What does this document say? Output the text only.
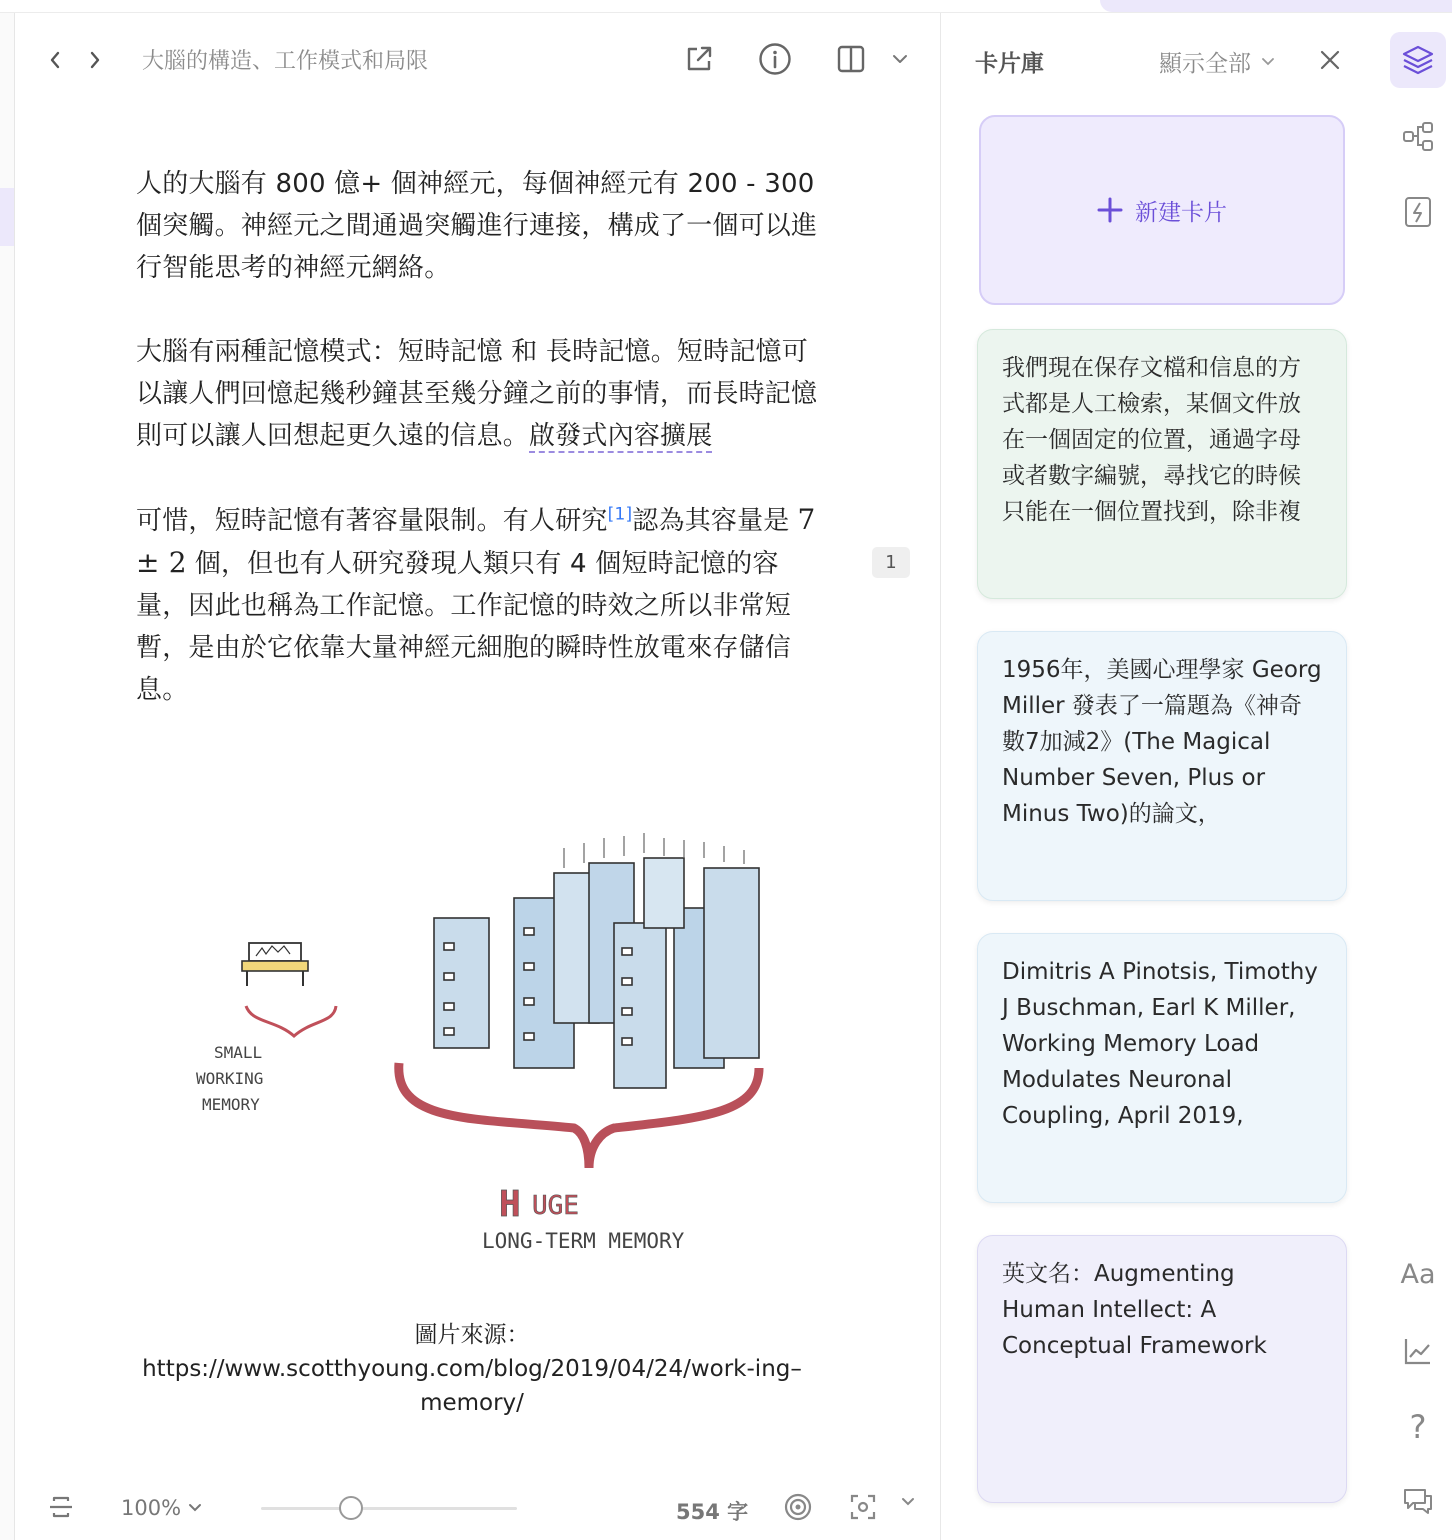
大腦的構造、工作模式和局限

人的大腦有 800 億+ 個神經元，每個神經元有 200 - 300 個突觸。神經元之間通過突觸進行連接，構成了一個可以進行智能思考的神經元網絡。

大腦有兩種記憶模式：短時記憶 和 長時記憶。短時記憶可以讓人們回憶起幾秒鐘甚至幾分鐘之前的事情，而長時記憶則可以讓人回想起更久遠的信息。啟發式內容擴展

可惜，短時記憶有著容量限制。有人研究[1]認為其容量是 7 ± 2 個，但也有人研究發現人類只有 4 個短時記憶的容量，因此也稱為工作記憶。工作記憶的時效之所以非常短暫，是由於它依靠大量神經元細胞的瞬時性放電來存儲信息。

1
SMALL
WORKING
MEMORY
H UGE
LONG-TERM MEMORY
圖片來源：
https://www.scotthyoung.com/blog/2019/04/24/work-ing–memory/
100%	554 字
卡片庫	顯示全部
新建卡片
我們現在保存文檔和信息的方式都是人工檢索，某個文件放在一個固定的位置，通過字母或者數字編號，尋找它的時候只能在一個位置找到，除非複
1956年，美國心理學家 Georg Miller 發表了一篇題為《神奇數7加減2》(The Magical Number Seven, Plus or Minus Two)的論文，
Dimitris A Pinotsis, Timothy J Buschman, Earl K Miller, Working Memory Load Modulates Neuronal Coupling, April 2019,
英文名：Augmenting Human Intellect: A Conceptual Framework
Aa
?
